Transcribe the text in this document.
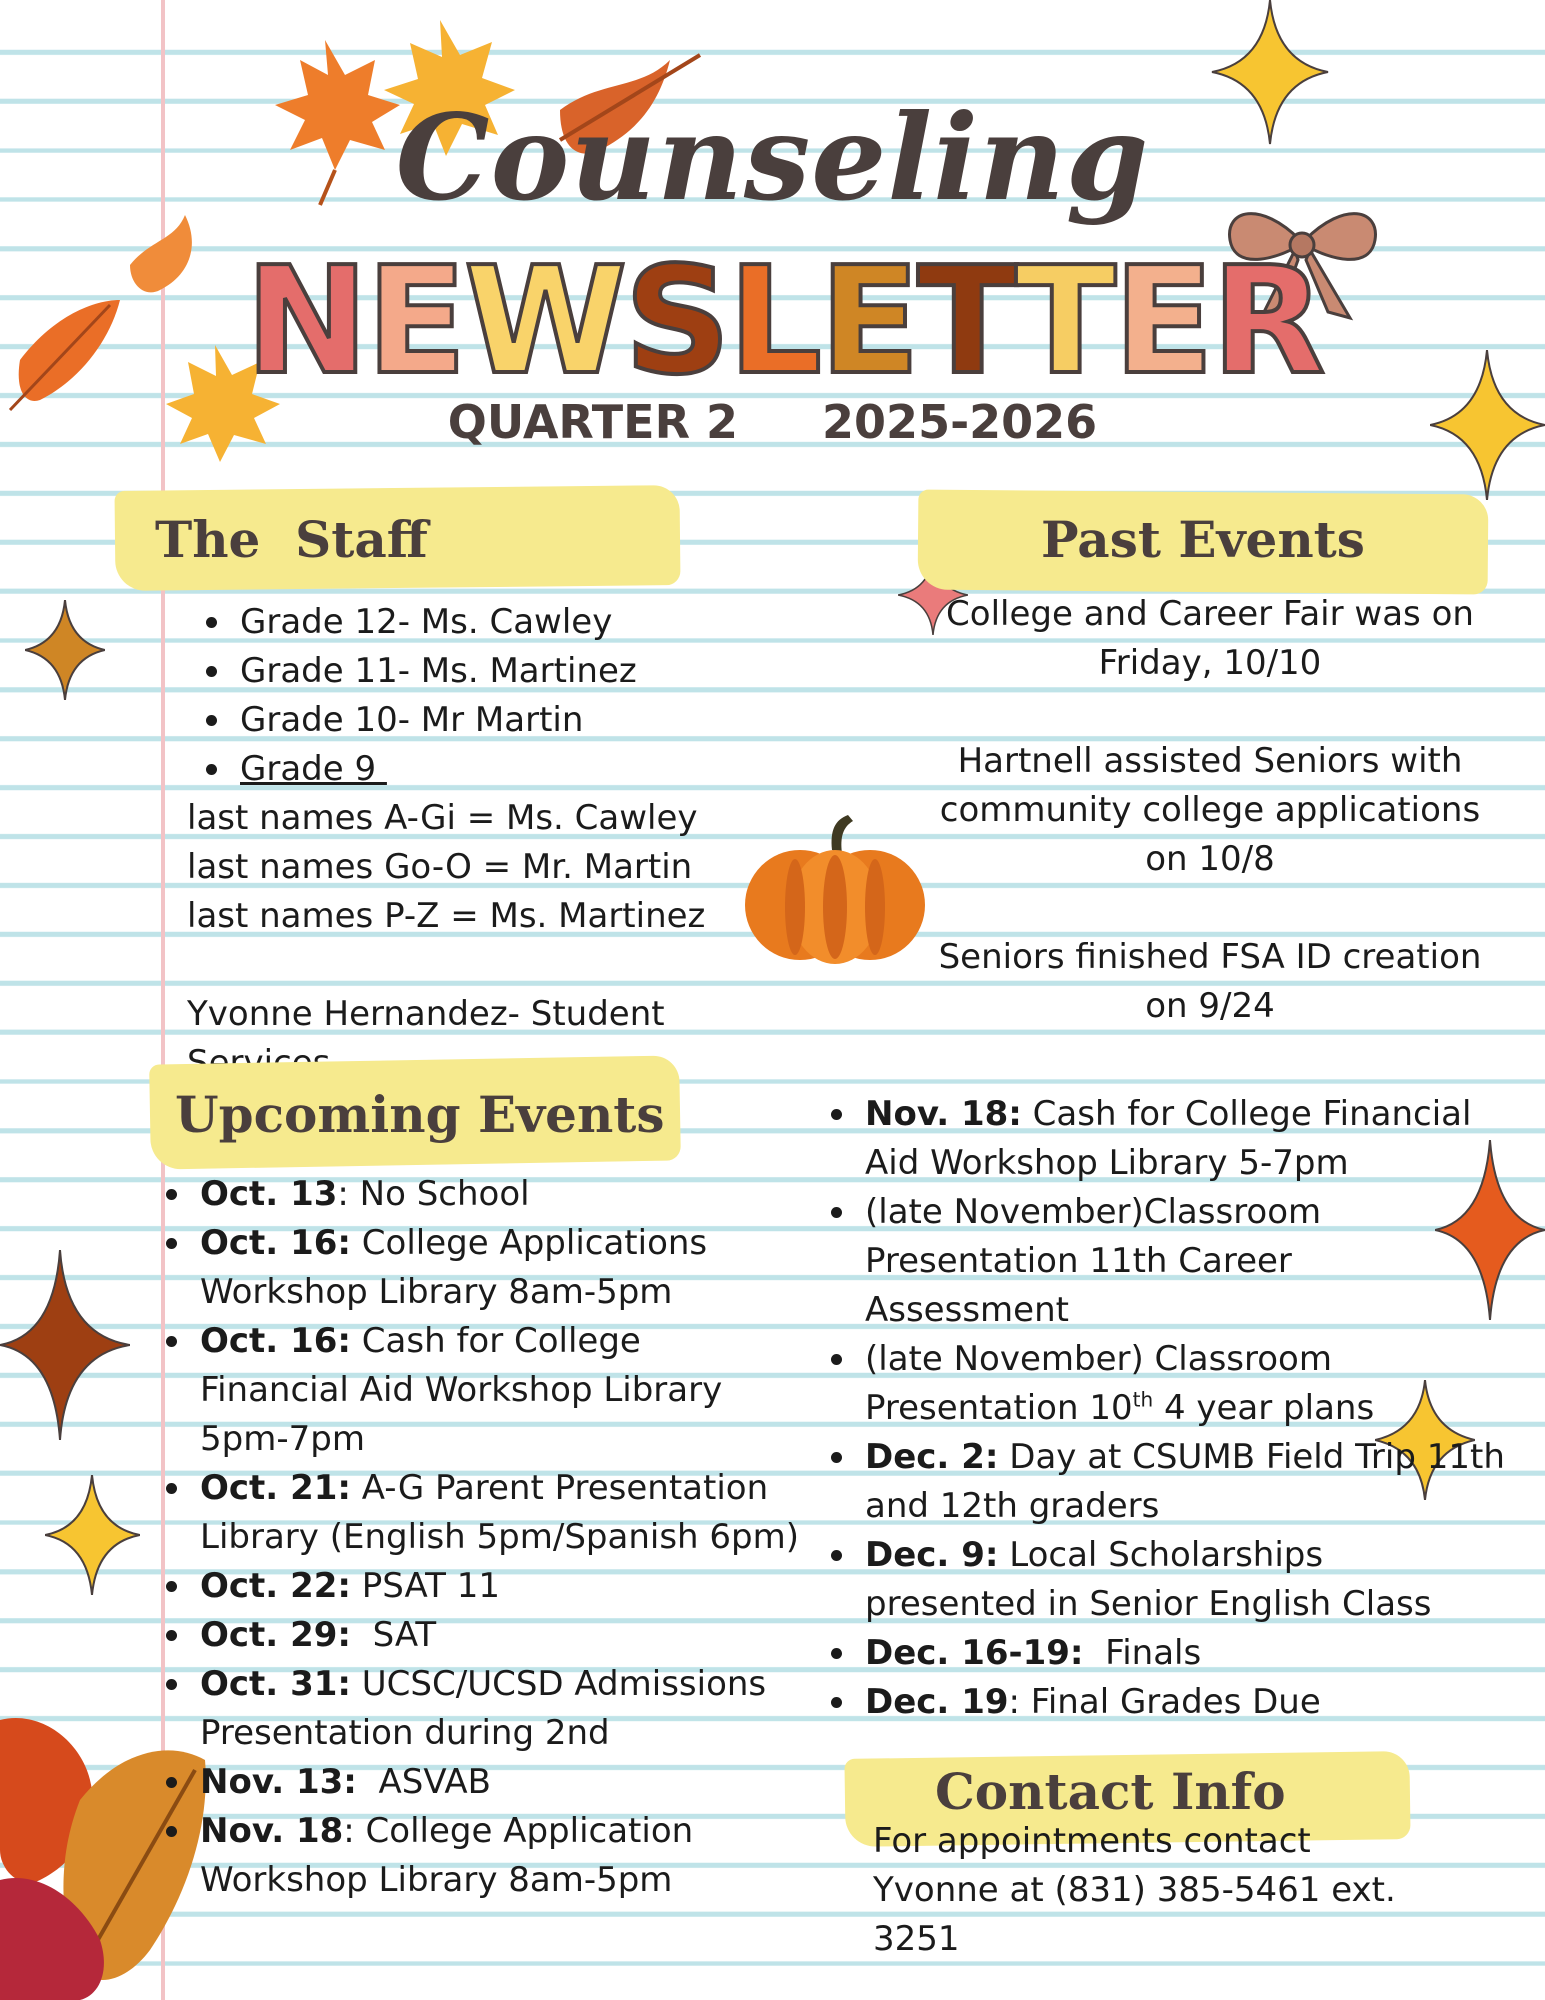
Counseling
NEWSLETTER
QUARTER 2 2025-2026
The  Staff
Grade 12- Ms. Cawley
Grade 11- Ms. Martinez
Grade 10- Mr Martin
Grade 9
last names A-Gi = Ms. Cawley
last names Go-O = Mr. Martin
last names P-Z = Ms. Martinez
Yvonne Hernandez- Student
Past Events
College and Career Fair was on Friday, 10/10
Hartnell assisted Seniors with community college applications on 10/8
Seniors finished FSA ID creation on 9/24
Upcoming Events
Oct. 13: No School
Oct. 16: College Applications Workshop Library 8am-5pm
Oct. 16: Cash for College Financial Aid Workshop Library 5pm-7pm
Oct. 21: A-G Parent Presentation Library (English 5pm/Spanish 6pm)
Oct. 22: PSAT 11
Oct. 29:  SAT
Oct. 31: UCSC/UCSD Admissions Presentation during 2nd
Nov. 13:  ASVAB
Nov. 18: College Application Workshop Library 8am-5pm
Nov. 18: Cash for College Financial Aid Workshop Library 5-7pm
(late November)Classroom Presentation 11th Career Assessment
(late November) Classroom Presentation 10th 4 year plans
Dec. 2: Day at CSUMB Field Trip 11th and 12th graders
Dec. 9: Local Scholarships presented in Senior English Class
Dec. 16-19:  Finals
Dec. 19: Final Grades Due
Contact Info
For appointments contact
Yvonne at (831) 385-5461 ext.
3251
